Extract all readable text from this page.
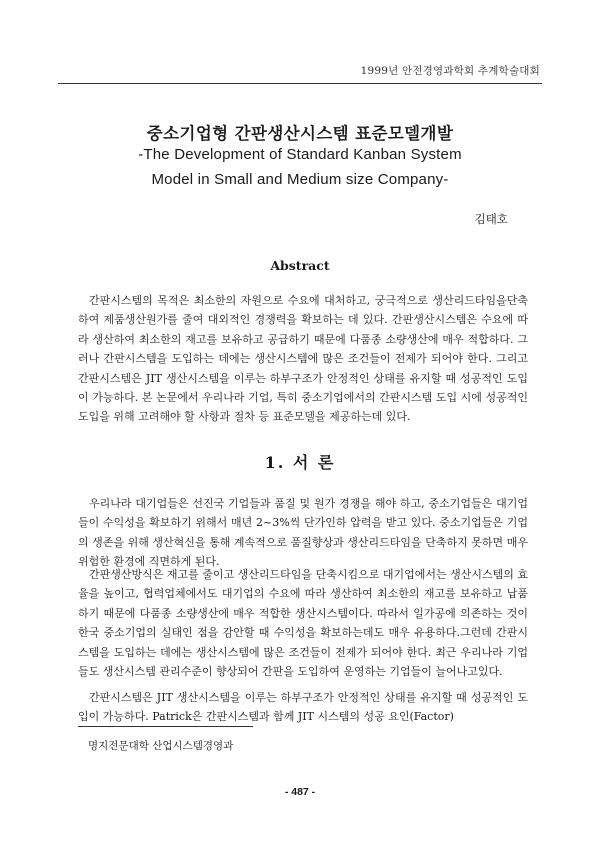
1999년 안전경영과학회 추계학술대회
중소기업형 간판생산시스템 표준모델개발
-The Development of Standard Kanban System
Model in Small and Medium size Company-
김태호
Abstract

간판시스템의 목적은 최소한의 자원으로 수요에 대처하고, 궁극적으로 생산리드타임을단축하여 제품생산원가를 줄여 대외적인 경쟁력을 확보하는 데 있다. 간판생산시스템은 수요에 따라 생산하여 최소한의 재고를 보유하고 공급하기 때문에 다품종 소량생산에 매우 적합하다. 그러나 간판시스템을 도입하는 데에는 생산시스템에 많은 조건들이 전제가 되어야 한다. 그리고 간판시스템은 JIT 생산시스템을 이루는 하부구조가 안정적인 상태를 유지할 때 성공적인 도입이 가능하다. 본 논문에서 우리나라 기업, 특히 중소기업에서의 간판시스템 도입 시에 성공적인 도입을 위해 고려해야 할 사항과 절차 등 표준모델을 제공하는데 있다.

1. 서 론

우리나라 대기업들은 선진국 기업들과 품질 및 원가 경쟁을 해야 하고, 중소기업들은 대기업들이 수익성을 확보하기 위해서 매년 2~3%씩 단가인하 압력을 받고 있다. 중소기업들은 기업의 생존을 위해 생산혁신을 통해 계속적으로 품질향상과 생산리드타임을 단축하지 못하면 매우 위험한 환경에 직면하게 된다.

간판생산방식은 재고를 줄이고 생산리드타임을 단축시킴으로 대기업에서는 생산시스템의 효율을 높이고, 협력업체에서도 대기업의 수요에 따라 생산하여 최소한의 재고를 보유하고 납품하기 때문에 다품종 소량생산에 매우 적합한 생산시스템이다. 따라서 일가공에 의존하는 것이 한국 중소기업의 실태인 점을 감안할 때 수익성을 확보하는데도 매우 유용하다.그런데 간판시스템을 도입하는 데에는 생산시스템에 많은 조건들이 전제가 되어야 한다. 최근 우리나라 기업들도 생산시스템 관리수준이 향상되어 간판을 도입하여 운영하는 기업들이 늘어나고있다.

간판시스템은 JIT 생산시스템을 이루는 하부구조가 안정적인 상태를 유지할 때 성공적인 도입이 가능하다. Patrick은 간판시스템과 함께 JIT 시스템의 성공 요인(Factor)

명지전문대학 산업시스템경영과
- 487 -
